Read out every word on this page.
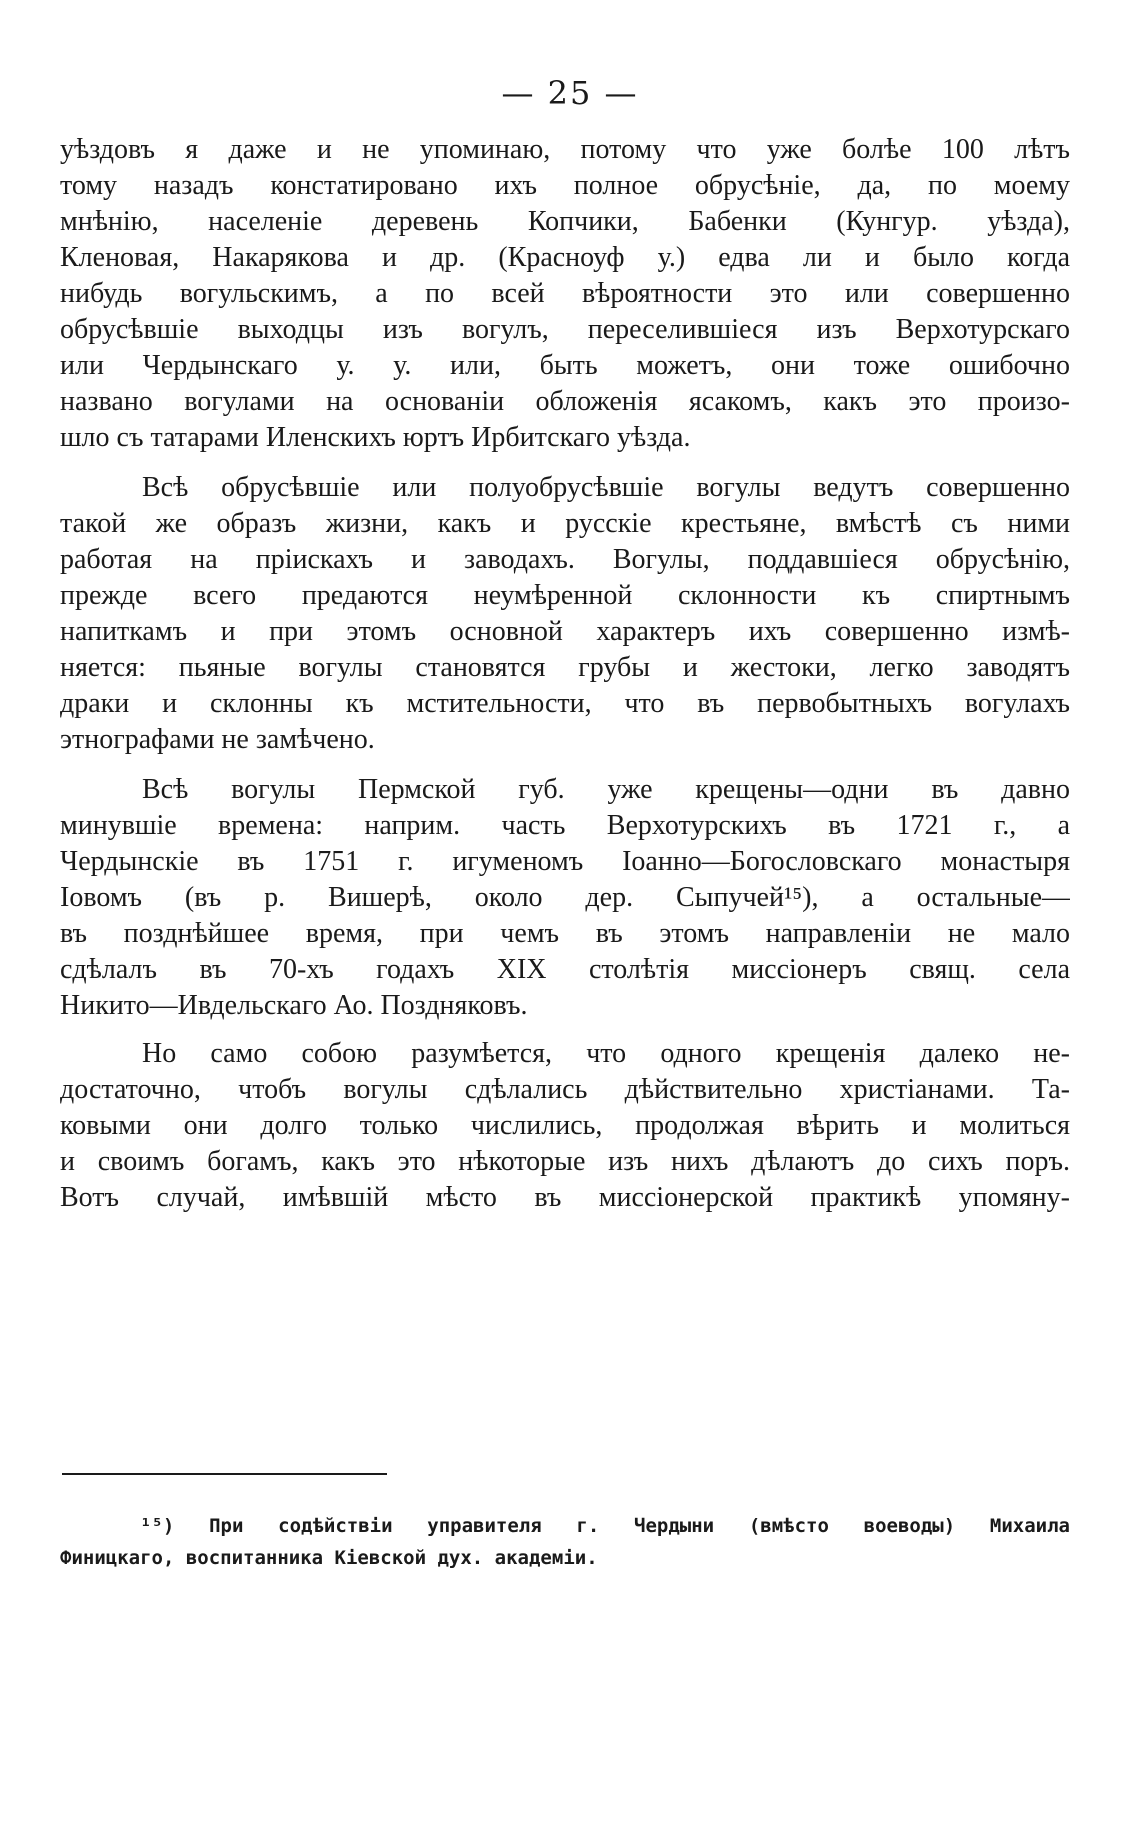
— 25 —
уѣздовъ я даже и не упоминаю, потому что уже болѣе 100 лѣтъ
тому назадъ констатировано ихъ полное обрусѣніе, да, по моему
мнѣнію, населеніе деревень Копчики, Бабенки (Кунгур. уѣзда),
Кленовая, Накарякова и др. (Красноуф у.) едва ли и было когда
нибудь вогульскимъ, а по всей вѣроятности это или совершенно
обрусѣвшіе выходцы изъ вогулъ, переселившіеся изъ Верхотурскаго
или Чердынскаго у. у. или, быть можетъ, они тоже ошибочно
названо вогулами на основаніи обложенія ясакомъ, какъ это произо-
шло съ татарами Иленскихъ юртъ Ирбитскаго уѣзда.
Всѣ обрусѣвшіе или полуобрусѣвшіе вогулы ведутъ совершенно
такой же образъ жизни, какъ и русскіе крестьяне, вмѣстѣ съ ними
работая на пріискахъ и заводахъ. Вогулы, поддавшіеся обрусѣнію,
прежде всего предаются неумѣренной склонности къ спиртнымъ
напиткамъ и при этомъ основной характеръ ихъ совершенно измѣ-
няется: пьяные вогулы становятся грубы и жестоки, легко заводятъ
драки и склонны къ мстительности, что въ первобытныхъ вогулахъ
этнографами не замѣчено.
Всѣ вогулы Пермской губ. уже крещены—одни въ давно
минувшіе времена: наприм. часть Верхотурскихъ въ 1721 г., а
Чердынскіе въ 1751 г. игуменомъ Іоанно—Богословскаго монастыря
Іовомъ (въ р. Вишерѣ, около дер. Сыпучей¹⁵), а остальные—
въ позднѣйшее время, при чемъ въ этомъ направленіи не мало
сдѣлалъ въ 70-хъ годахъ XIX столѣтія миссіонеръ свящ. села
Никито—Ивдельскаго Ао. Поздняковъ.
Но само собою разумѣется, что одного крещенія далеко не-
достаточно, чтобъ вогулы сдѣлались дѣйствительно христіанами. Та-
ковыми они долго только числились, продолжая вѣрить и молиться
и своимъ богамъ, какъ это нѣкоторые изъ нихъ дѣлаютъ до сихъ поръ.
Вотъ случай, имѣвшій мѣсто въ миссіонерской практикѣ упомяну-
¹⁵) При содѣйствіи управителя г. Чердыни (вмѣсто воеводы) Михаила
Финицкаго, воспитанника Кіевской дух. академіи.
